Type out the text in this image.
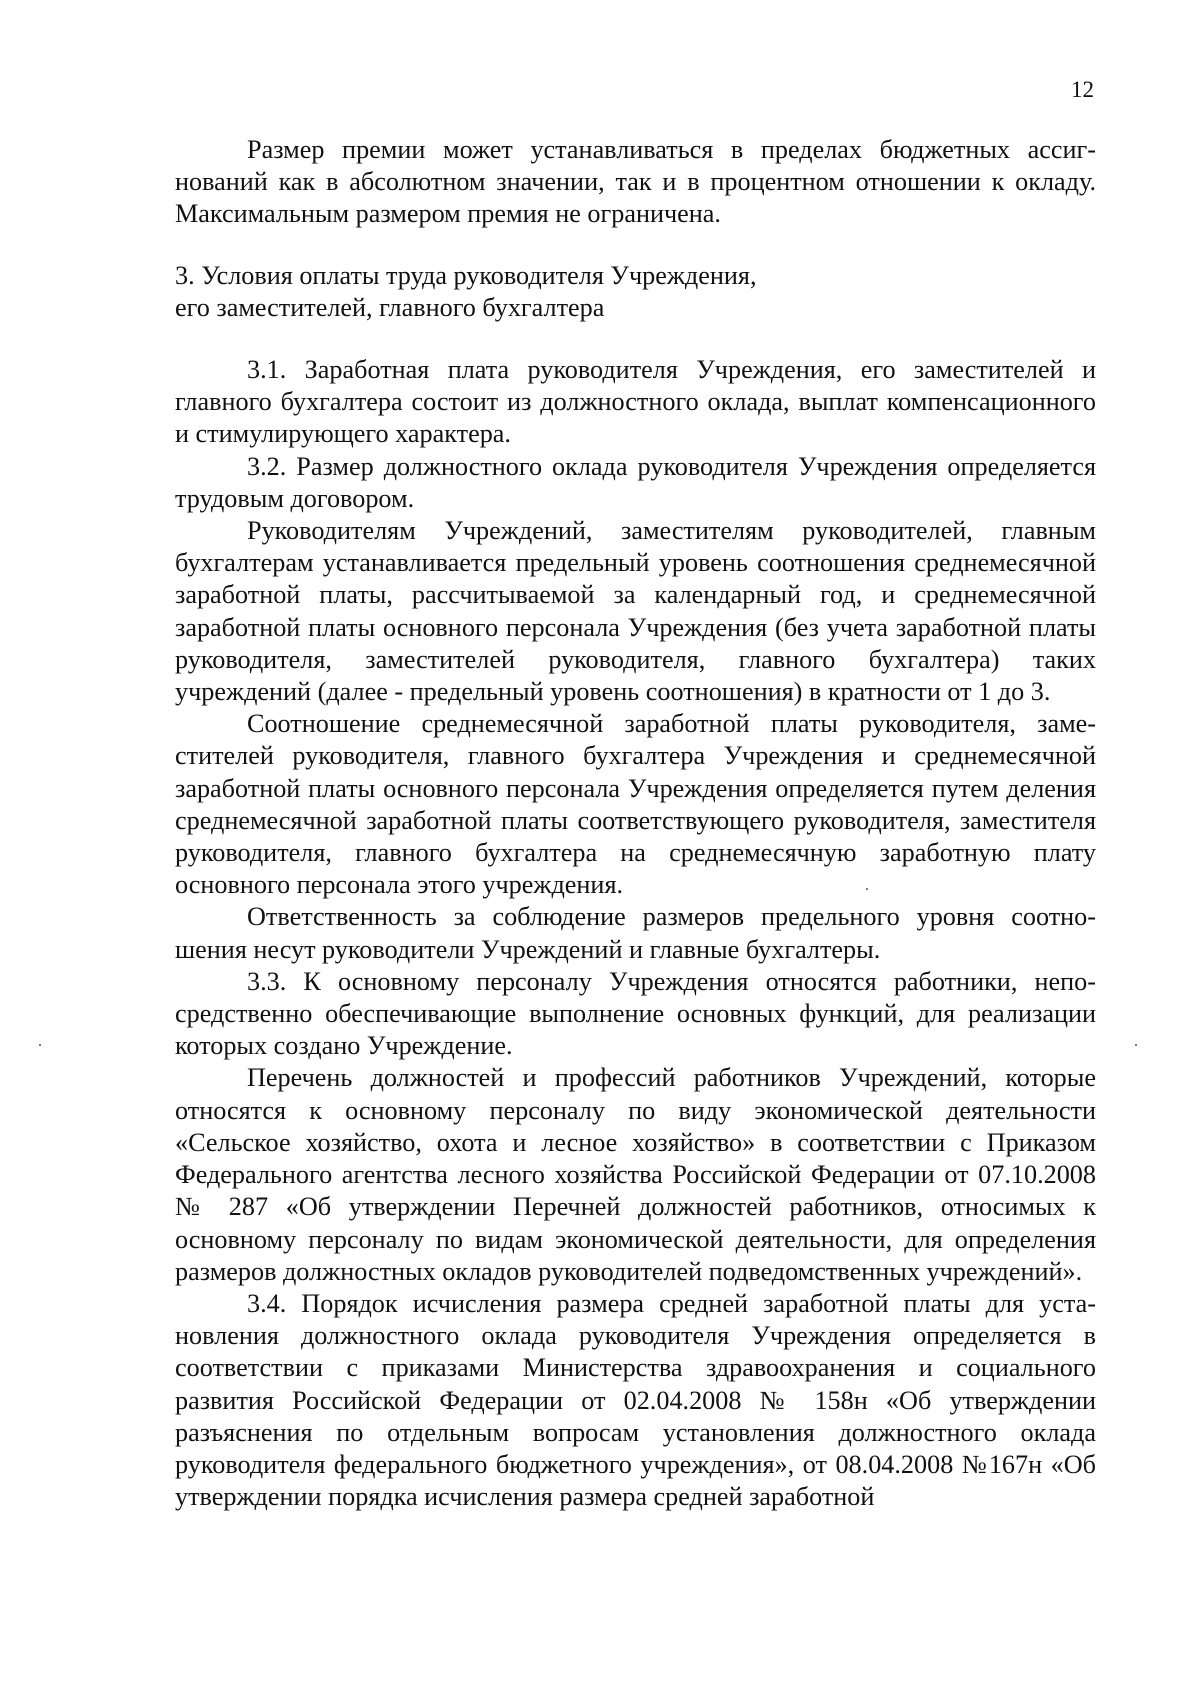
12

Размер премии может устанавливаться в пределах бюджетных ассигнований как в абсолютном значении, так и в процентном отношении к окладу. Максимальным размером премия не ограничена.

3. Условия оплаты труда руководителя Учреждения,
его заместителей, главного бухгалтера

3.1. Заработная плата руководителя Учреждения, его заместителей и главного бухгалтера состоит из должностного оклада, выплат компенсационного и стимулирующего характера.

3.2. Размер должностного оклада руководителя Учреждения определяется трудовым договором.

Руководителям Учреждений, заместителям руководителей, главным бухгалтерам устанавливается предельный уровень соотношения среднемесячной заработной платы, рассчитываемой за календарный год, и среднемесячной заработной платы основного персонала Учреждения (без учета заработной платы руководителя, заместителей руководителя, главного бухгалтера) таких учреждений (далее - предельный уровень соотношения) в кратности от 1 до 3.

Соотношение среднемесячной заработной платы руководителя, заместителей руководителя, главного бухгалтера Учреждения и среднемесячной заработной платы основного персонала Учреждения определяется путем деления среднемесячной заработной платы соответствующего руководителя, заместителя руководителя, главного бухгалтера на среднемесячную заработную плату основного персонала этого учреждения.

Ответственность за соблюдение размеров предельного уровня соотношения несут руководители Учреждений и главные бухгалтеры.

3.3. К основному персоналу Учреждения относятся работники, непосредственно обеспечивающие выполнение основных функций, для реализации которых создано Учреждение.

Перечень должностей и профессий работников Учреждений, которые относятся к основному персоналу по виду экономической деятельности «Сельское хозяйство, охота и лесное хозяйство» в соответствии с Приказом Федерального агентства лесного хозяйства Российской Федерации от 07.10.2008 № 287 «Об утверждении Перечней должностей работников, относимых к основному персоналу по видам экономической деятельности, для определения размеров должностных окладов руководителей подведомственных учреждений».

3.4. Порядок исчисления размера средней заработной платы для установления должностного оклада руководителя Учреждения определяется в соответствии с приказами Министерства здравоохранения и социального развития Российской Федерации от 02.04.2008 № 158н «Об утверждении разъяснения по отдельным вопросам установления должностного оклада руководителя федерального бюджетного учреждения», от 08.04.2008 №167н «Об утверждении порядка исчисления размера средней заработной
